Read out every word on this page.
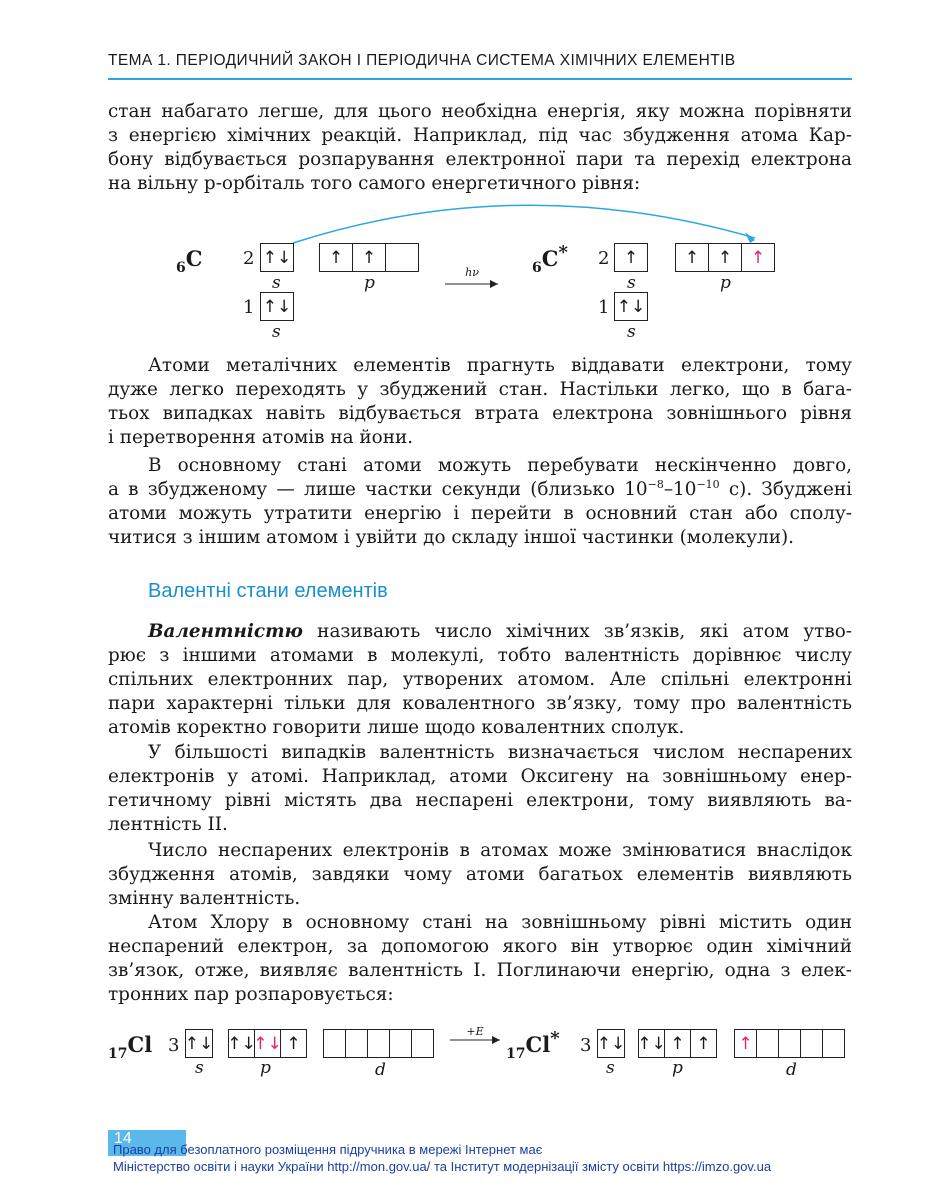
ТЕМА 1. ПЕРІОДИЧНИЙ ЗАКОН І ПЕРІОДИЧНА СИСТЕМА ХІМІЧНИХ ЕЛЕМЕНТІВ
стан набагато легше, для цього необхідна енергія, яку можна порівняти
з енергією хімічних реакцій. Наприклад, під час збудження атома Кар-
бону відбувається розпарування електронної пари та перехід електрона
на вільну p-орбіталь того самого енергетичного рівня:
$_6$C 2 ↑↓ ↑ ↑
s	p
1 ↑↓
s
hν	$_6$C* 2 ↑	↑ ↑ ↑
s	p
1 ↑↓
s
Атоми металічних елементів прагнуть віддавати електрони, тому
дуже легко переходять у збуджений стан. Настільки легко, що в бага-
тьох випадках навіть відбувається втрата електрона зовнішнього рівня
і перетворення атомів на йони.
В основному стані атоми можуть перебувати нескінченно довго,
а в збудженому — лише частки секунди (близько $10^{-8}-10^{-10}$ с). Збуджені
атоми можуть утратити енергію і перейти в основний стан або сполу-
читися з іншим атомом і увійти до складу іншої частинки (молекули).
Валентні стани елементів
Валентністю називають число хімічних зв’язків, які атом утво-
рює з іншими атомами в молекулі, тобто валентність дорівнює числу
спільних електронних пар, утворених атомом. Але спільні електронні
пари характерні тільки для ковалентного зв’язку, тому про валентність
атомів коректно говорити лише щодо ковалентних сполук.
У більшості випадків валентність визначається числом неспарених
електронів у атомі. Наприклад, атоми Оксигену на зовнішньому енер-
гетичному рівні містять два неспарені електрони, тому виявляють ва-
лентність II.
Число неспарених електронів в атомах може змінюватися внаслідок
збудження атомів, завдяки чому атоми багатьох елементів виявляють
змінну валентність.
Атом Хлору в основному стані на зовнішньому рівні містить один
неспарений електрон, за допомогою якого він утворює один хімічний
зв’язок, отже, виявляє валентність I. Поглинаючи енергію, одна з елек-
тронних пар розпаровується:
$_{17}$Cl 3 ↑↓ ↑↓
↑↓ ↑
s	p	d
+E
$_{17}$Cl* 3 ↑↓ ↑↓ ↑ ↑ ↑
s	p	d
14
Право для безоплатного розміщення підручника в мережі Інтернет має
Міністерство освіти і науки України http://mon.gov.ua/ та Інститут модернізації змісту освіти https://imzo.gov.ua
